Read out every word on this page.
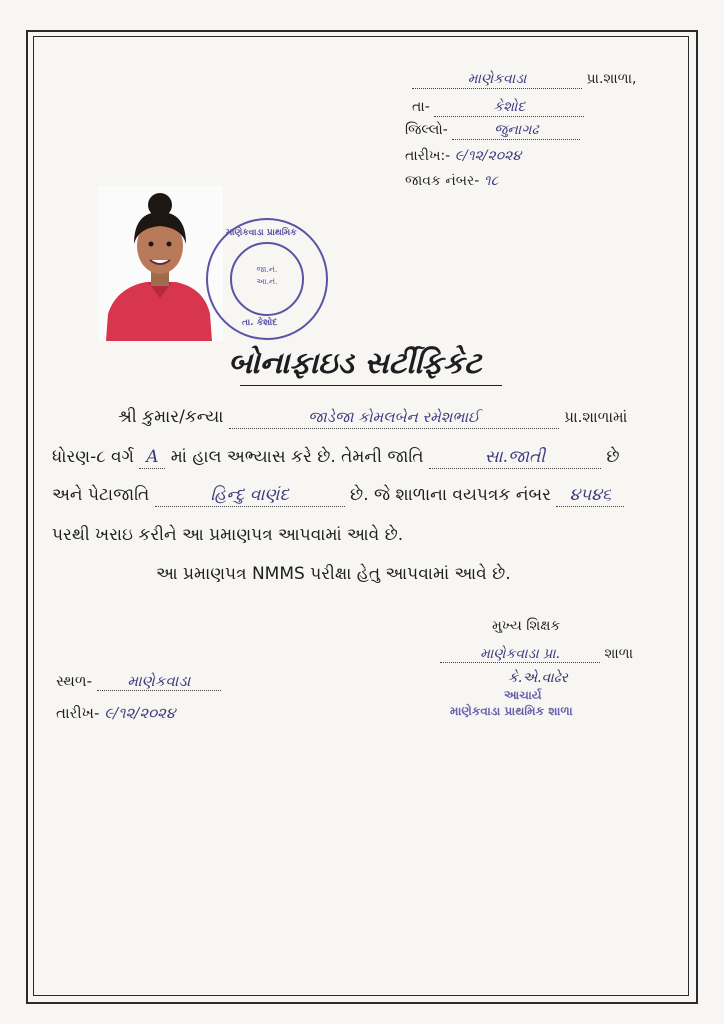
માણેકવાડા	પ્રા.શાળા,
તા-	કેશોદ
જિલ્લો-	જુનાગઢ
તારીખ:- ૯/૧૨/૨૦૨૪
જાવક નંબર- ૧૮
માણેકવાડા પ્રાથમિક
જા.નં.
આ.નં.
તા. કેશોદ
બોનાફાઇડ સર્ટીફિકેટ
શ્રી કુમાર/કન્યા	જાડેજા કોમલબેન રમેશભાઈ	પ્રા.શાળામાં
ધોરણ-૮ વર્ગ A માં હાલ અભ્યાસ કરે છે. તેમની જાતિ	સા.જાતી	છે
અને પેટાજાતિ	હિન્દુ વાણંદ	છે. જે શાળાના વયપત્રક નંબર ૪૫૪૬
પરથી ખરાઇ કરીને આ પ્રમાણપત્ર આપવામાં આવે છે.
આ પ્રમાણપત્ર NMMS પરીક્ષા હેતુ આપવામાં આવે છે.
મુખ્ય શિક્ષક
માણેકવાડા પ્રા.	શાળા
કે.એ.વાઢેર
આચાર્ય
માણેકવાડા પ્રાથમિક શાળા
સ્થળ- માણેકવાડા
તારીખ- ૯/૧૨/૨૦૨૪
